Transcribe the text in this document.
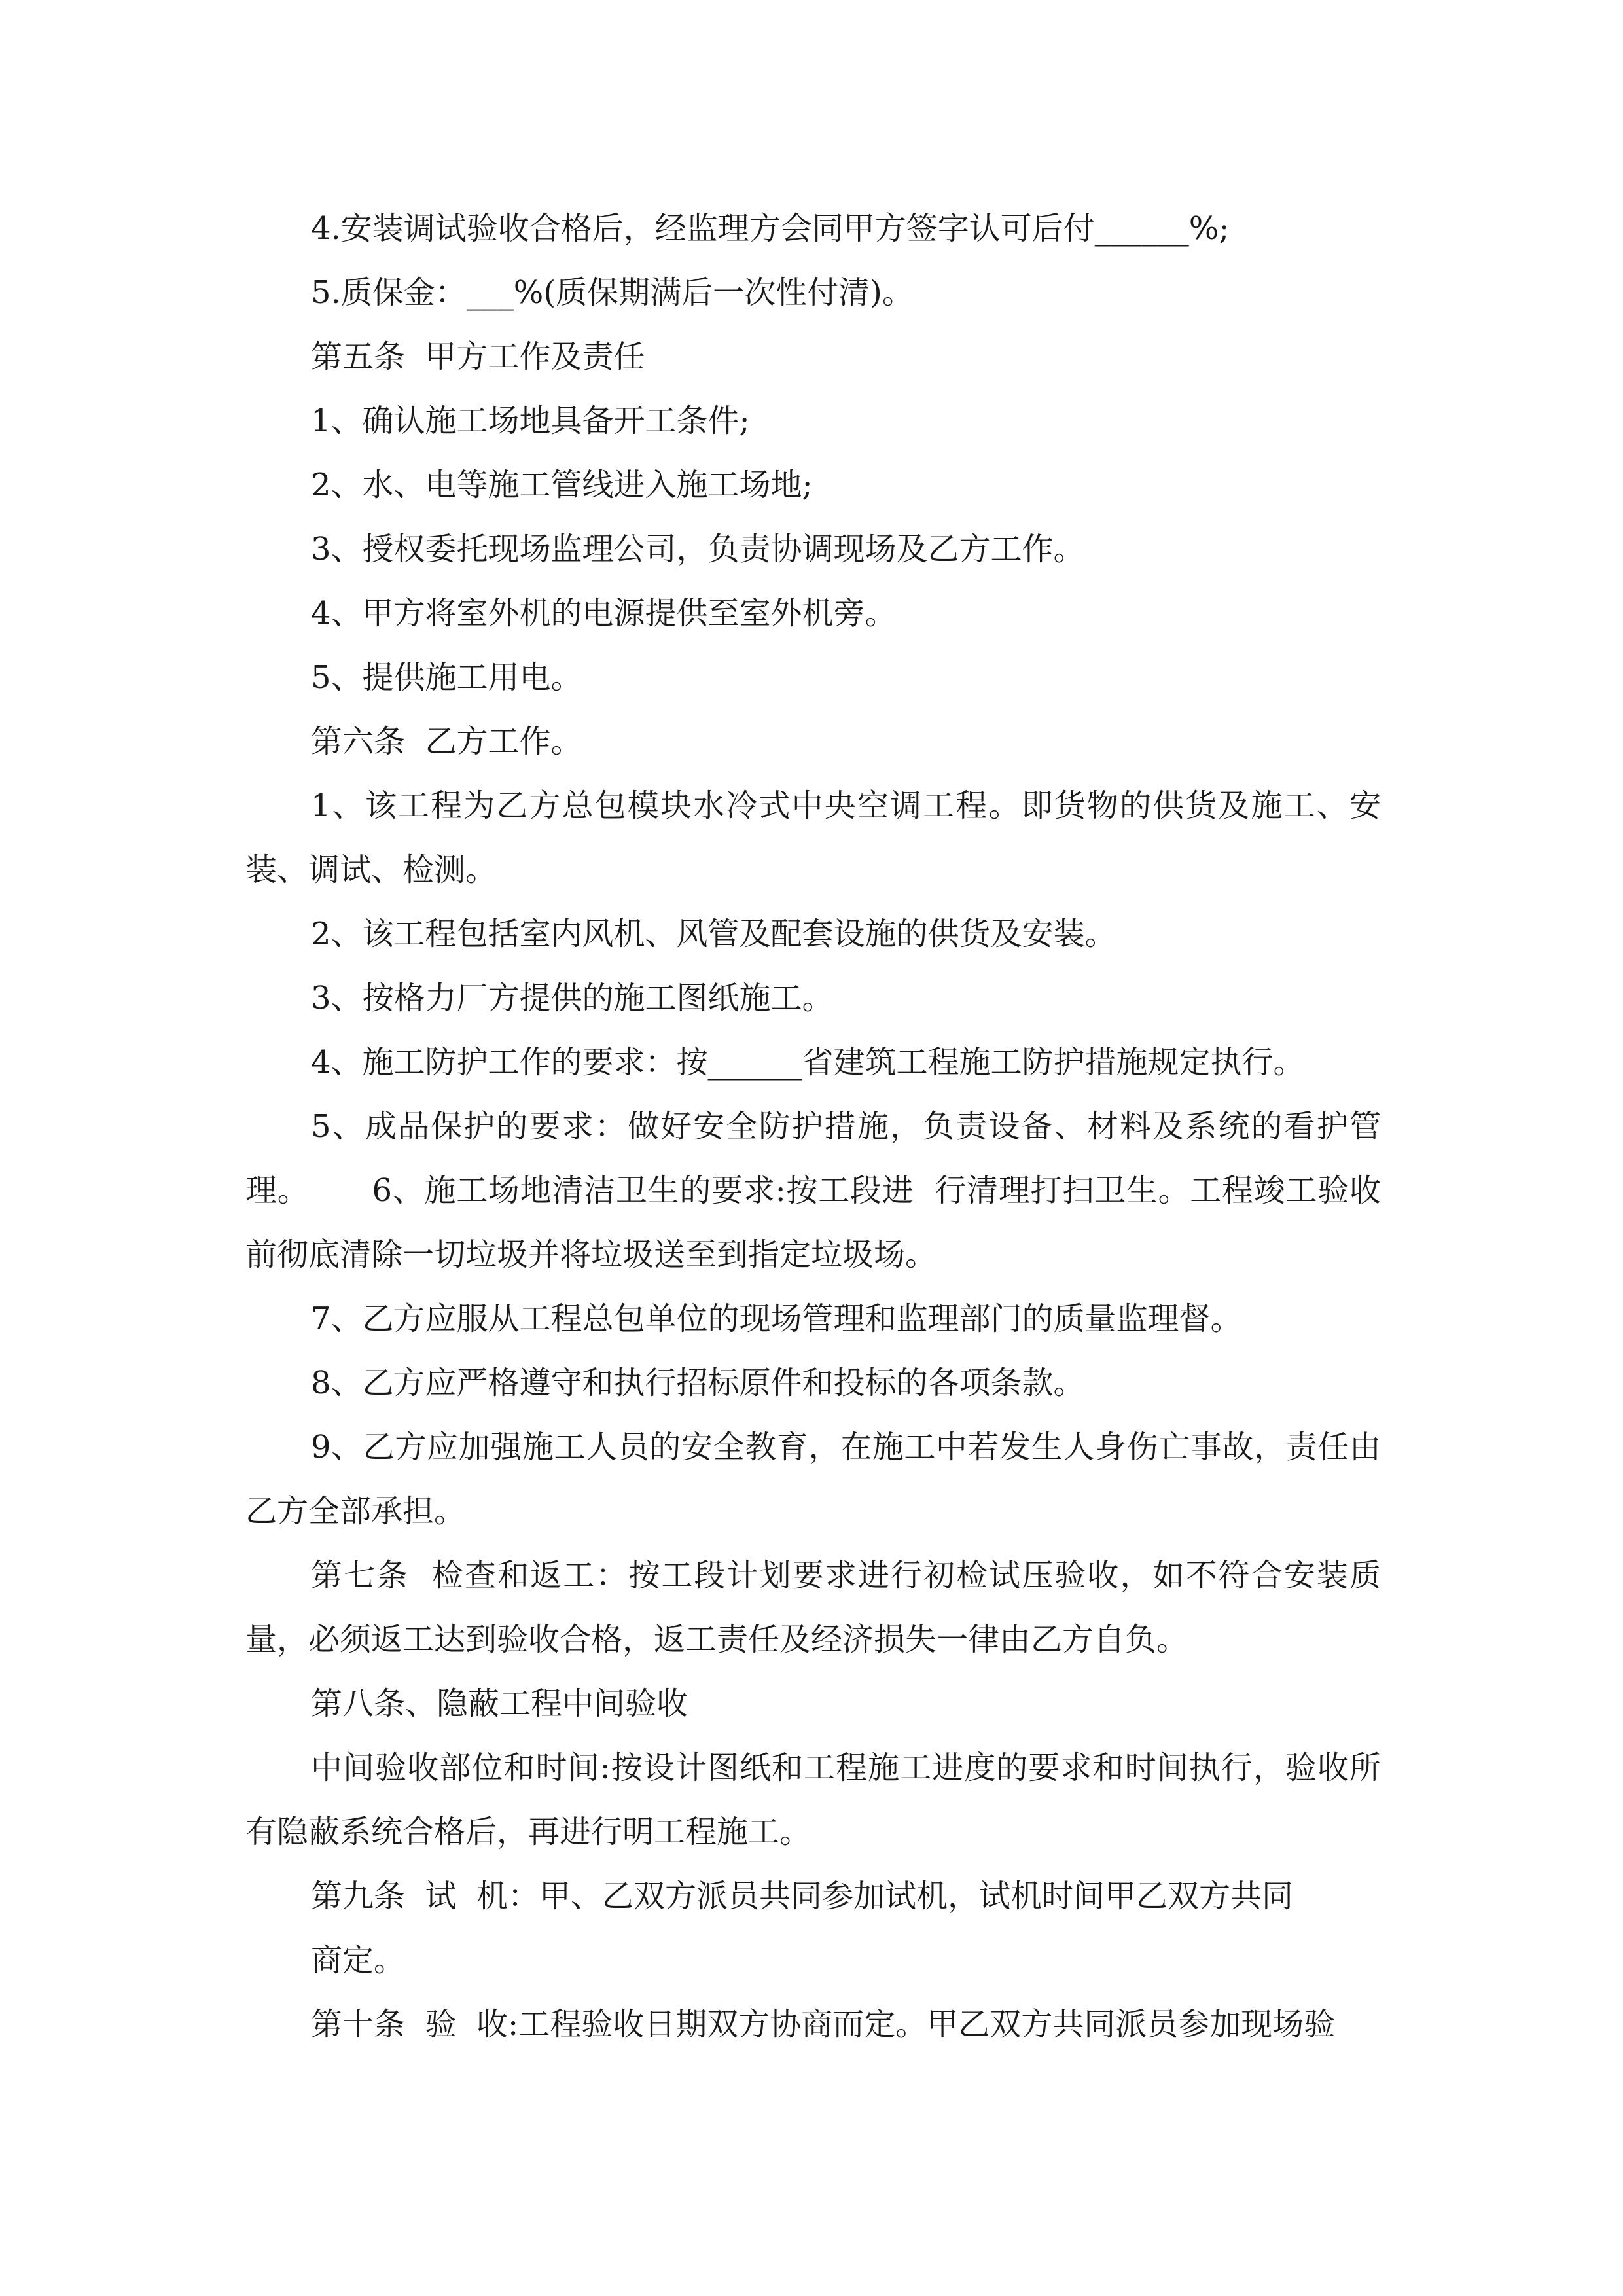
4.安装调试验收合格后，经监理方会同甲方签字认可后付______%;

5.质保金：___%(质保期满后一次性付清)。

第五条  甲方工作及责任

1、确认施工场地具备开工条件;

2、水、电等施工管线进入施工场地;

3、授权委托现场监理公司，负责协调现场及乙方工作。

4、甲方将室外机的电源提供至室外机旁。

5、提供施工用电。

第六条  乙方工作。

1、该工程为乙方总包模块水冷式中央空调工程。即货物的供货及施工、安装、调试、检测。

2、该工程包括室内风机、风管及配套设施的供货及安装。

3、按格力厂方提供的施工图纸施工。

4、施工防护工作的要求：按______省建筑工程施工防护措施规定执行。

5、成品保护的要求：做好安全防护措施，负责设备、材料及系统的看护管理。      6、施工场地清洁卫生的要求:按工段进  行清理打扫卫生。工程竣工验收前彻底清除一切垃圾并将垃圾送至到指定垃圾场。

7、乙方应服从工程总包单位的现场管理和监理部门的质量监理督。

8、乙方应严格遵守和执行招标原件和投标的各项条款。

9、乙方应加强施工人员的安全教育，在施工中若发生人身伤亡事故，责任由乙方全部承担。

第七条  检查和返工：按工段计划要求进行初检试压验收，如不符合安装质量，必须返工达到验收合格，返工责任及经济损失一律由乙方自负。

第八条、隐蔽工程中间验收

中间验收部位和时间:按设计图纸和工程施工进度的要求和时间执行，验收所有隐蔽系统合格后，再进行明工程施工。

第九条  试  机：甲、乙双方派员共同参加试机，试机时间甲乙双方共同

商定。

第十条  验  收:工程验收日期双方协商而定。甲乙双方共同派员参加现场验
